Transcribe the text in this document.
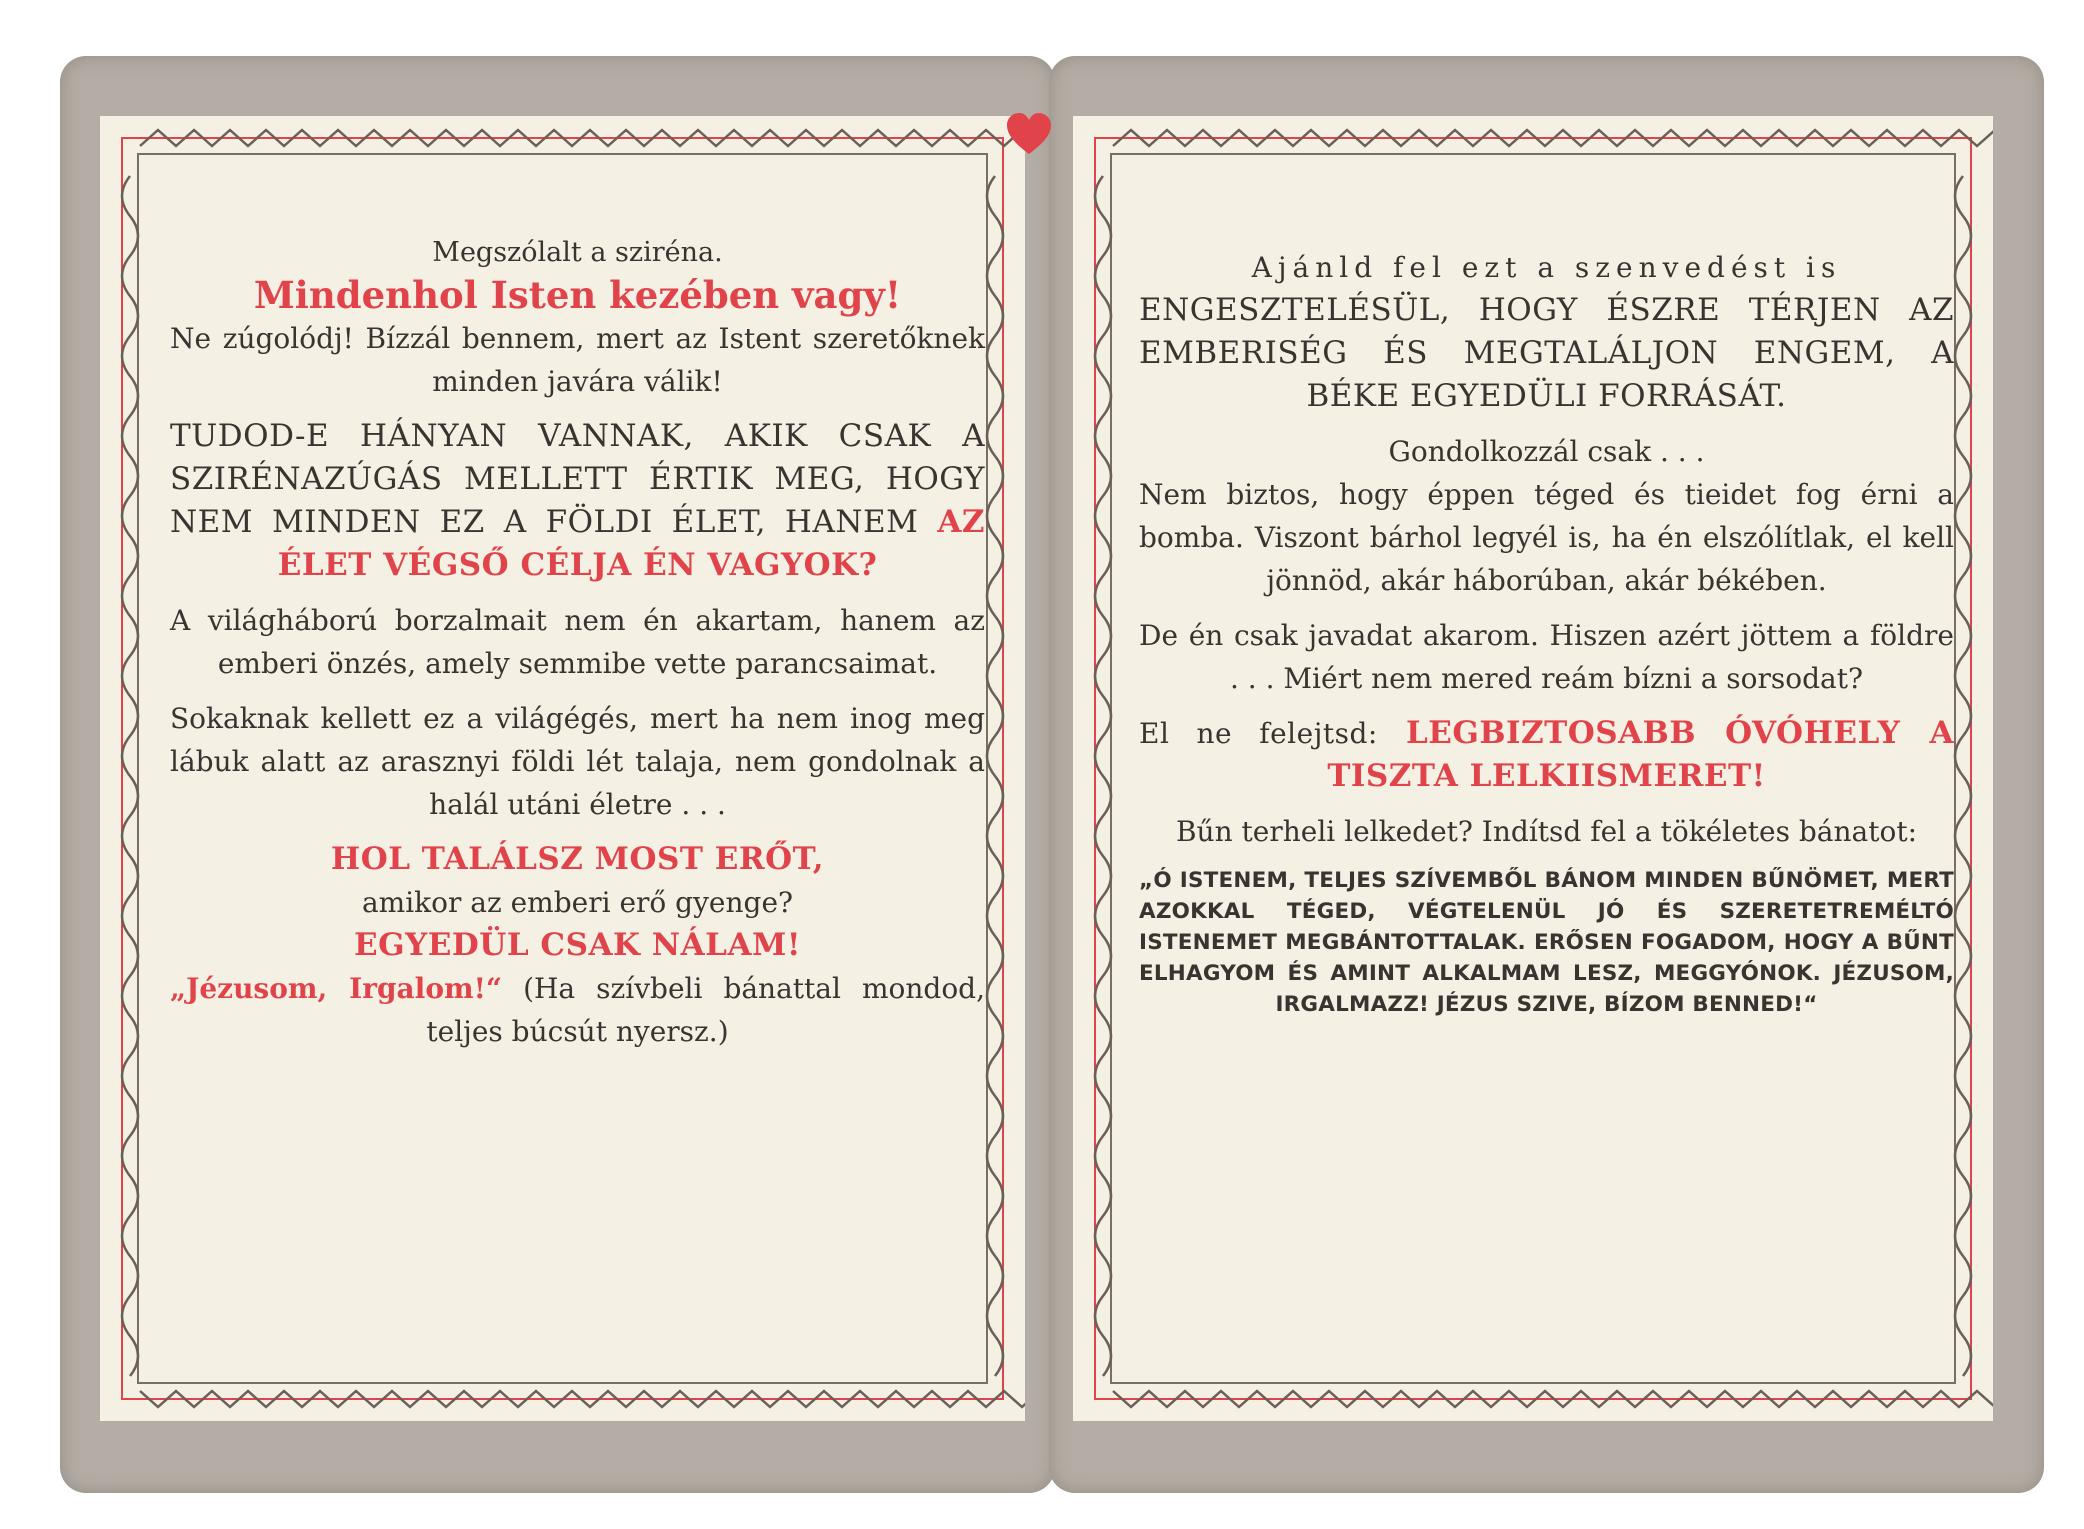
Megszólalt a sziréna.

Mindenhol Isten kezében vagy!

Ne zúgolódj! Bízzál bennem, mert az Istent szeretőknek minden javára válik!

TUDOD-E HÁNYAN VANNAK, AKIK CSAK A SZIRÉNAZÚGÁS MELLETT ÉRTIK MEG, HOGY NEM MINDEN EZ A FÖLDI ÉLET, HANEM AZ ÉLET VÉGSŐ CÉLJA ÉN VAGYOK?

A világháború borzalmait nem én akartam, hanem az emberi önzés, amely semmibe vette parancsaimat.

Sokaknak kellett ez a világégés, mert ha nem inog meg lábuk alatt az arasznyi földi lét talaja, nem gondolnak a halál utáni életre . . .

HOL TALÁLSZ MOST ERŐT,

amikor az emberi erő gyenge?

EGYEDÜL CSAK NÁLAM!

„Jézusom, Irgalom!“ (Ha szívbeli bánattal mondod, teljes búcsút nyersz.)

Ajánld fel ezt a szenvedést is

ENGESZTELÉSÜL, HOGY ÉSZRE TÉRJEN AZ EMBERISÉG ÉS MEGTALÁLJON ENGEM, A BÉKE EGYEDÜLI FORRÁSÁT.

Gondolkozzál csak . . .

Nem biztos, hogy éppen téged és tieidet fog érni a bomba. Viszont bárhol legyél is, ha én elszólítlak, el kell jönnöd, akár háborúban, akár békében.

De én csak javadat akarom. Hiszen azért jöttem a földre . . . Miért nem mered reám bízni a sorsodat?

El ne felejtsd: LEGBIZTOSABB ÓVÓHELY A TISZTA LELKIISMERET!

Bűn terheli lelkedet? Indítsd fel a tökéletes bánatot:

„Ó ISTENEM, TELJES SZÍVEMBŐL BÁNOM MINDEN BŰNÖMET, MERT AZOKKAL TÉGED, VÉGTELENÜL JÓ ÉS SZERETETREMÉLTÓ ISTENEMET MEGBÁNTOTTALAK. ERŐSEN FOGADOM, HOGY A BŰNT ELHAGYOM ÉS AMINT ALKALMAM LESZ, MEGGYÓNOK. JÉZUSOM, IRGALMAZZ! JÉZUS SZIVE, BÍZOM BENNED!“
